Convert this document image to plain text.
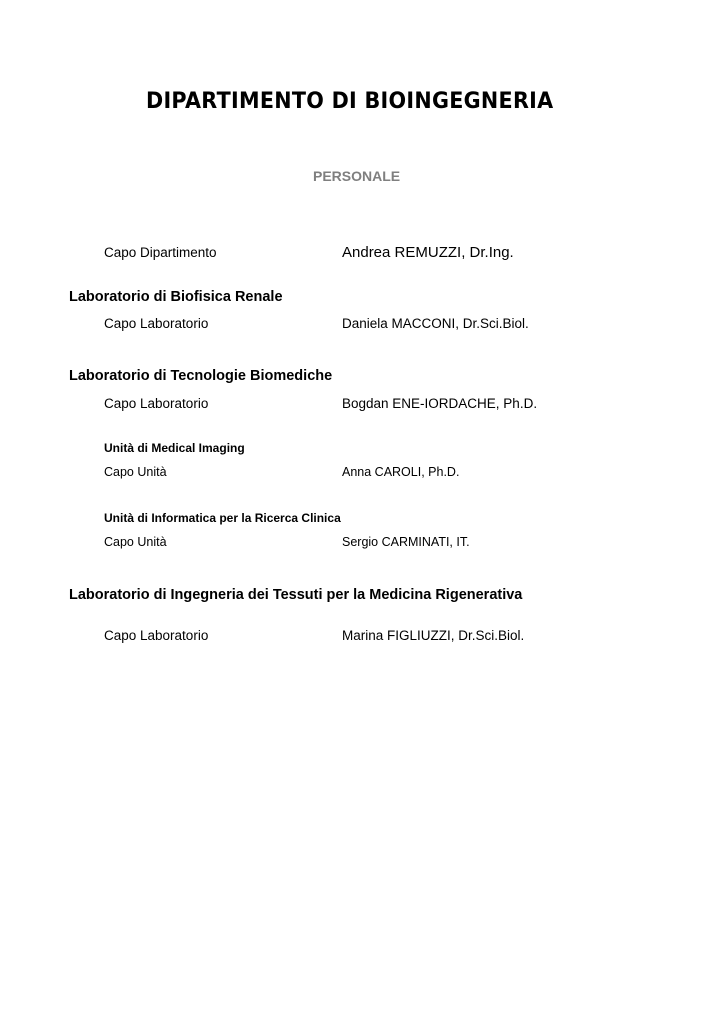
DIPARTIMENTO DI BIOINGEGNERIA
PERSONALE
Capo Dipartimento	Andrea REMUZZI, Dr.Ing.
Laboratorio di Biofisica Renale
Capo Laboratorio	Daniela MACCONI, Dr.Sci.Biol.
Laboratorio di Tecnologie Biomediche
Capo Laboratorio	Bogdan ENE-IORDACHE, Ph.D.
Unità di Medical Imaging
Capo Unità	Anna CAROLI, Ph.D.
Unità di Informatica per la Ricerca Clinica
Capo Unità	Sergio CARMINATI, IT.
Laboratorio di Ingegneria dei Tessuti per la Medicina Rigenerativa
Capo Laboratorio	Marina FIGLIUZZI, Dr.Sci.Biol.
